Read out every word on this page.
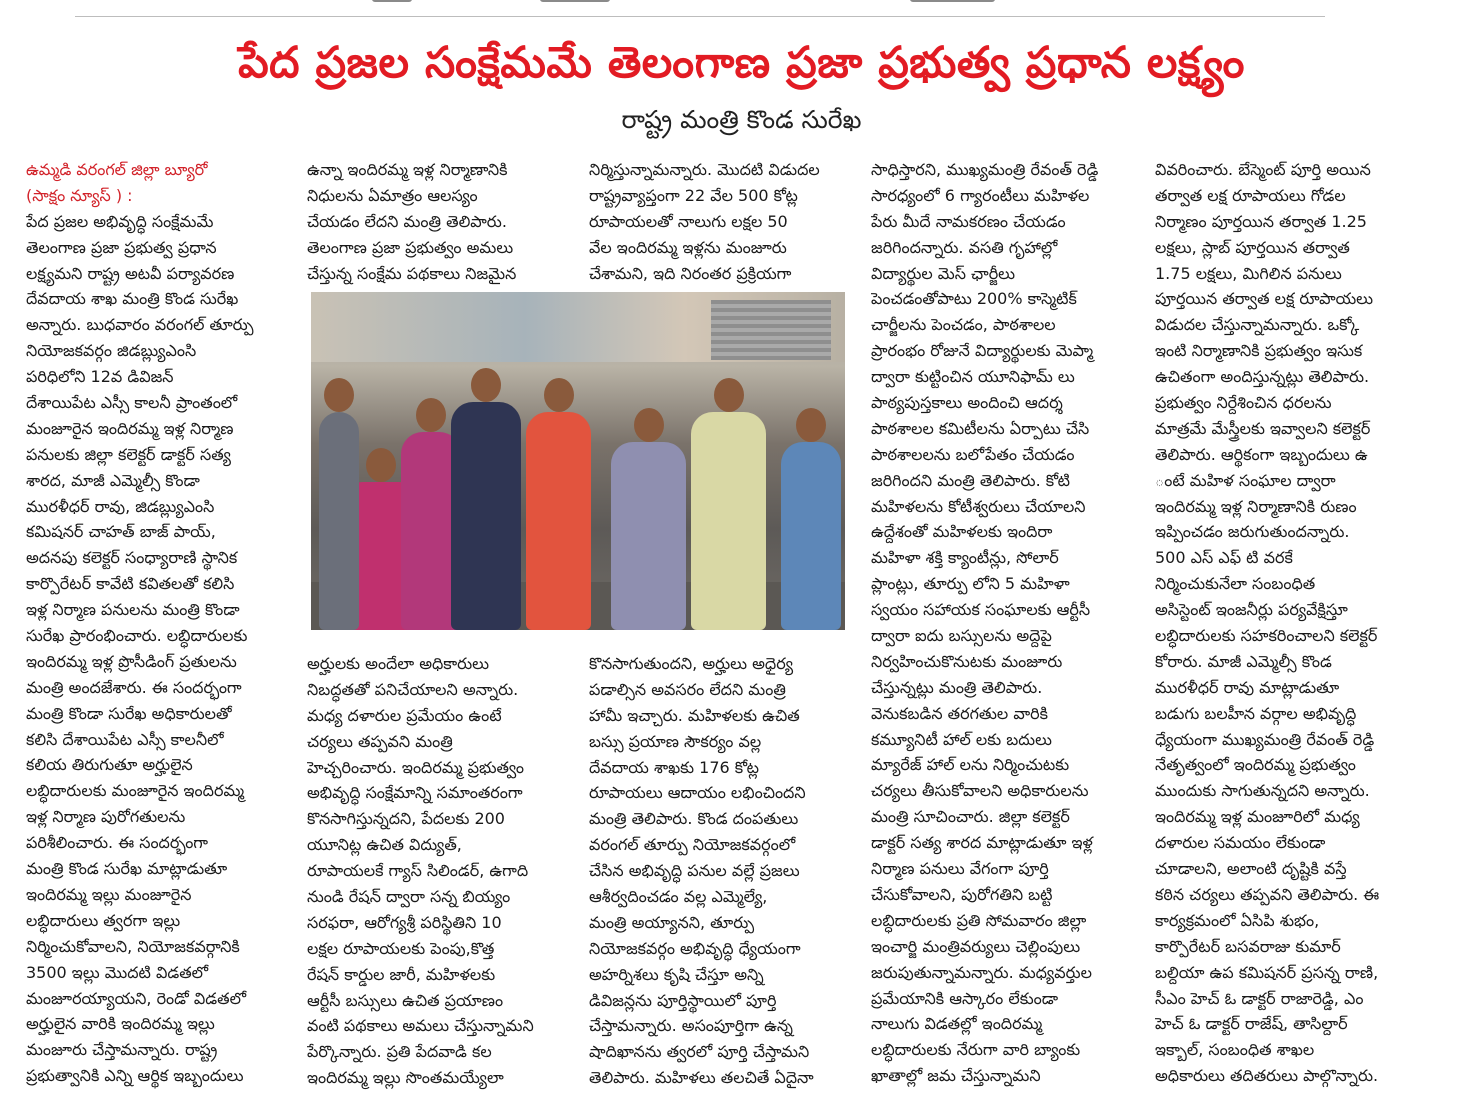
పేద ప్రజల సంక్షేమమే తెలంగాణ ప్రజా ప్రభుత్వ ప్రధాన లక్ష్యం
రాష్ట్ర మంత్రి కొండ సురేఖ
ఉమ్మడి వరంగల్ జిల్లా బ్యూరో
(సాక్షం న్యూస్ ) :
పేద ప్రజల అభివృద్ధి సంక్షేమమే
తెలంగాణ ప్రజా ప్రభుత్వ ప్రధాన
లక్ష్యమని రాష్ట్ర అటవీ పర్యావరణ
దేవదాయ శాఖ మంత్రి కొండ సురేఖ
అన్నారు. బుధవారం వరంగల్ తూర్పు
నియోజకవర్గం జిడబ్ల్యుఎంసి
పరిధిలోని 12వ డివిజన్
దేశాయిపేట ఎస్సీ కాలనీ ప్రాంతంలో
మంజూరైన ఇందిరమ్మ ఇళ్ల నిర్మాణ
పనులకు జిల్లా కలెక్టర్ డాక్టర్ సత్య
శారద, మాజీ ఎమ్మెల్సీ కొండా
మురళీధర్ రావు, జిడబ్ల్యుఎంసి
కమిషనర్ చాహత్ బాజ్ పాయ్,
అదనపు కలెక్టర్ సంధ్యారాణి స్థానిక
కార్పొరేటర్ కావేటి కవితలతో కలిసి
ఇళ్ల నిర్మాణ పనులను మంత్రి కొండా
సురేఖ ప్రారంభించారు. లబ్ధిదారులకు
ఇందిరమ్మ ఇళ్ల ప్రొసీడింగ్ ప్రతులను
మంత్రి అందజేశారు. ఈ సందర్భంగా
మంత్రి కొండా సురేఖ అధికారులతో
కలిసి దేశాయిపేట ఎస్సీ కాలనీలో
కలియ తిరుగుతూ అర్హులైన
లబ్ధిదారులకు మంజూరైన ఇందిరమ్మ
ఇళ్ల నిర్మాణ పురోగతులను
పరిశీలించారు. ఈ సందర్భంగా
మంత్రి కొండ సురేఖ మాట్లాడుతూ
ఇందిరమ్మ ఇల్లు మంజూరైన
లబ్ధిదారులు త్వరగా ఇల్లు
నిర్మించుకోవాలని, నియోజకవర్గానికి
3500 ఇల్లు మొదటి విడతలో
మంజూరయ్యాయని, రెండో విడతలో
అర్హులైన వారికి ఇందిరమ్మ ఇల్లు
మంజూరు చేస్తామన్నారు. రాష్ట్ర
ప్రభుత్వానికి ఎన్ని ఆర్థిక ఇబ్బందులు
ఉన్నా ఇందిరమ్మ ఇళ్ల నిర్మాణానికి
నిధులను ఏమాత్రం ఆలస్యం
చేయడం లేదని మంత్రి తెలిపారు.
తెలంగాణ ప్రజా ప్రభుత్వం అమలు
చేస్తున్న సంక్షేమ పథకాలు నిజమైన
నిర్మిస్తున్నామన్నారు. మొదటి విడుదల
రాష్ట్రవ్యాప్తంగా 22 వేల 500 కోట్ల
రూపాయలతో నాలుగు లక్షల 50
వేల ఇందిరమ్మ ఇళ్లను మంజూరు
చేశామని, ఇది నిరంతర ప్రక్రియగా
అర్హులకు అందేలా అధికారులు
నిబద్ధతతో పనిచేయాలని అన్నారు.
మధ్య దళారుల ప్రమేయం ఉంటే
చర్యలు తప్పవని మంత్రి
హెచ్చరించారు. ఇందిరమ్మ ప్రభుత్వం
అభివృద్ధి సంక్షేమాన్ని సమాంతరంగా
కొనసాగిస్తున్నదని, పేదలకు 200
యూనిట్ల ఉచిత విద్యుత్,
రూపాయలకే గ్యాస్ సిలిండర్, ఉగాది
నుండి రేషన్ ద్వారా సన్న బియ్యం
సరఫరా, ఆరోగ్యశ్రీ పరిస్థితిని 10
లక్షల రూపాయలకు పెంపు,కొత్త
రేషన్ కార్డుల జారీ, మహిళలకు
ఆర్టీసీ బస్సులు ఉచిత ప్రయాణం
వంటి పథకాలు అమలు చేస్తున్నామని
పేర్కొన్నారు. ప్రతి పేదవాడి కల
ఇందిరమ్మ ఇల్లు సొంతమయ్యేలా
కొనసాగుతుందని, అర్హులు అధైర్య
పడాల్సిన అవసరం లేదని మంత్రి
హామీ ఇచ్చారు. మహిళలకు ఉచిత
బస్సు ప్రయాణ సౌకర్యం వల్ల
దేవదాయ శాఖకు 176 కోట్ల
రూపాయలు ఆదాయం లభించిందని
మంత్రి తెలిపారు. కొండ దంపతులు
వరంగల్ తూర్పు నియోజకవర్గంలో
చేసిన అభివృద్ధి పనుల వల్లే ప్రజలు
ఆశీర్వదించడం వల్ల ఎమ్మెల్యే,
మంత్రి అయ్యానని, తూర్పు
నియోజకవర్గం అభివృద్ధి ధ్యేయంగా
అహర్నిశలు కృషి చేస్తూ అన్ని
డివిజన్లను పూర్తిస్థాయిలో పూర్తి
చేస్తామన్నారు. అసంపూర్తిగా ఉన్న
షాదిఖానను త్వరలో పూర్తి చేస్తామని
తెలిపారు. మహిళలు తలచితే ఏదైనా
సాధిస్తారని, ముఖ్యమంత్రి రేవంత్ రెడ్డి
సారధ్యంలో 6 గ్యారంటీలు మహిళల
పేరు మీదే నామకరణం చేయడం
జరిగిందన్నారు. వసతి గృహాల్లో
విద్యార్థుల మెస్ ఛార్జీలు
పెంచడంతోపాటు 200% కాస్మెటిక్
చార్జీలను పెంచడం, పాఠశాలల
ప్రారంభం రోజునే విద్యార్థులకు మెప్మా
ద్వారా కుట్టించిన యూనిఫామ్ లు
పాఠ్యపుస్తకాలు అందించి ఆదర్శ
పాఠశాలల కమిటీలను ఏర్పాటు చేసి
పాఠశాలలను బలోపేతం చేయడం
జరిగిందని మంత్రి తెలిపారు. కోటి
మహిళలను కోటీశ్వరులు చేయాలని
ఉద్దేశంతో మహిళలకు ఇందిరా
మహిళా శక్తి క్యాంటీన్లు, సోలార్
ప్లాంట్లు, తూర్పు లోని 5 మహిళా
స్వయం సహాయక సంఘాలకు ఆర్టీసీ
ద్వారా ఐదు బస్సులను అద్దెపై
నిర్వహించుకొనుటకు మంజూరు
చేస్తున్నట్లు మంత్రి తెలిపారు.
వెనుకబడిన తరగతుల వారికి
కమ్యూనిటీ హాల్ లకు బదులు
మ్యారేజ్ హాల్ లను నిర్మించుటకు
చర్యలు తీసుకోవాలని అధికారులను
మంత్రి సూచించారు. జిల్లా కలెక్టర్
డాక్టర్ సత్య శారద మాట్లాడుతూ ఇళ్ల
నిర్మాణ పనులు వేగంగా పూర్తి
చేసుకోవాలని, పురోగతిని బట్టి
లబ్ధిదారులకు ప్రతి సోమవారం జిల్లా
ఇంచార్జి మంత్రివర్యులు చెల్లింపులు
జరుపుతున్నామన్నారు. మధ్యవర్తుల
ప్రమేయానికి ఆస్కారం లేకుండా
నాలుగు విడతల్లో ఇందిరమ్మ
లబ్ధిదారులకు నేరుగా వారి బ్యాంకు
ఖాతాల్లో జమ చేస్తున్నామని
వివరించారు. బేస్మెంట్ పూర్తి అయిన
తర్వాత లక్ష రూపాయలు గోడల
నిర్మాణం పూర్తయిన తర్వాత 1.25
లక్షలు, స్లాబ్ పూర్తయిన తర్వాత
1.75 లక్షలు, మిగిలిన పనులు
పూర్తయిన తర్వాత లక్ష రూపాయలు
విడుదల చేస్తున్నామన్నారు. ఒక్కో
ఇంటి నిర్మాణానికి ప్రభుత్వం ఇసుక
ఉచితంగా అందిస్తున్నట్లు తెలిపారు.
ప్రభుత్వం నిర్దేశించిన ధరలను
మాత్రమే మేస్త్రీలకు ఇవ్వాలని కలెక్టర్
తెలిపారు. ఆర్థికంగా ఇబ్బందులు ఉ
ంటే మహిళ సంఘాల ద్వారా
ఇందిరమ్మ ఇళ్ల నిర్మాణానికి రుణం
ఇప్పించడం జరుగుతుందన్నారు.
500 ఎస్ ఎఫ్ టి వరకే
నిర్మించుకునేలా సంబంధిత
అసిస్టెంట్ ఇంజనీర్లు పర్యవేక్షిస్తూ
లబ్ధిదారులకు సహకరించాలని కలెక్టర్
కోరారు. మాజీ ఎమ్మెల్సీ కొండ
మురళీధర్ రావు మాట్లాడుతూ
బడుగు బలహీన వర్గాల అభివృద్ధి
ధ్యేయంగా ముఖ్యమంత్రి రేవంత్ రెడ్డి
నేతృత్వంలో ఇందిరమ్మ ప్రభుత్వం
ముందుకు సాగుతున్నదని అన్నారు.
ఇందిరమ్మ ఇళ్ల మంజూరిలో మధ్య
దళారుల సమయం లేకుండా
చూడాలని, అలాంటి దృష్టికి వస్తే
కఠిన చర్యలు తప్పవని తెలిపారు. ఈ
కార్యక్రమంలో ఏసిపి శుభం,
కార్పొరేటర్ బసవరాజు కుమార్
బల్దియా ఉప కమిషనర్ ప్రసన్న రాణి,
సీఎం హెచ్ ఓ డాక్టర్ రాజారెడ్డి, ఎం
హెచ్ ఓ డాక్టర్ రాజేష్, తాసిల్దార్
ఇక్బాల్, సంబంధిత శాఖల
అధికారులు తదితరులు పాల్గొన్నారు.
